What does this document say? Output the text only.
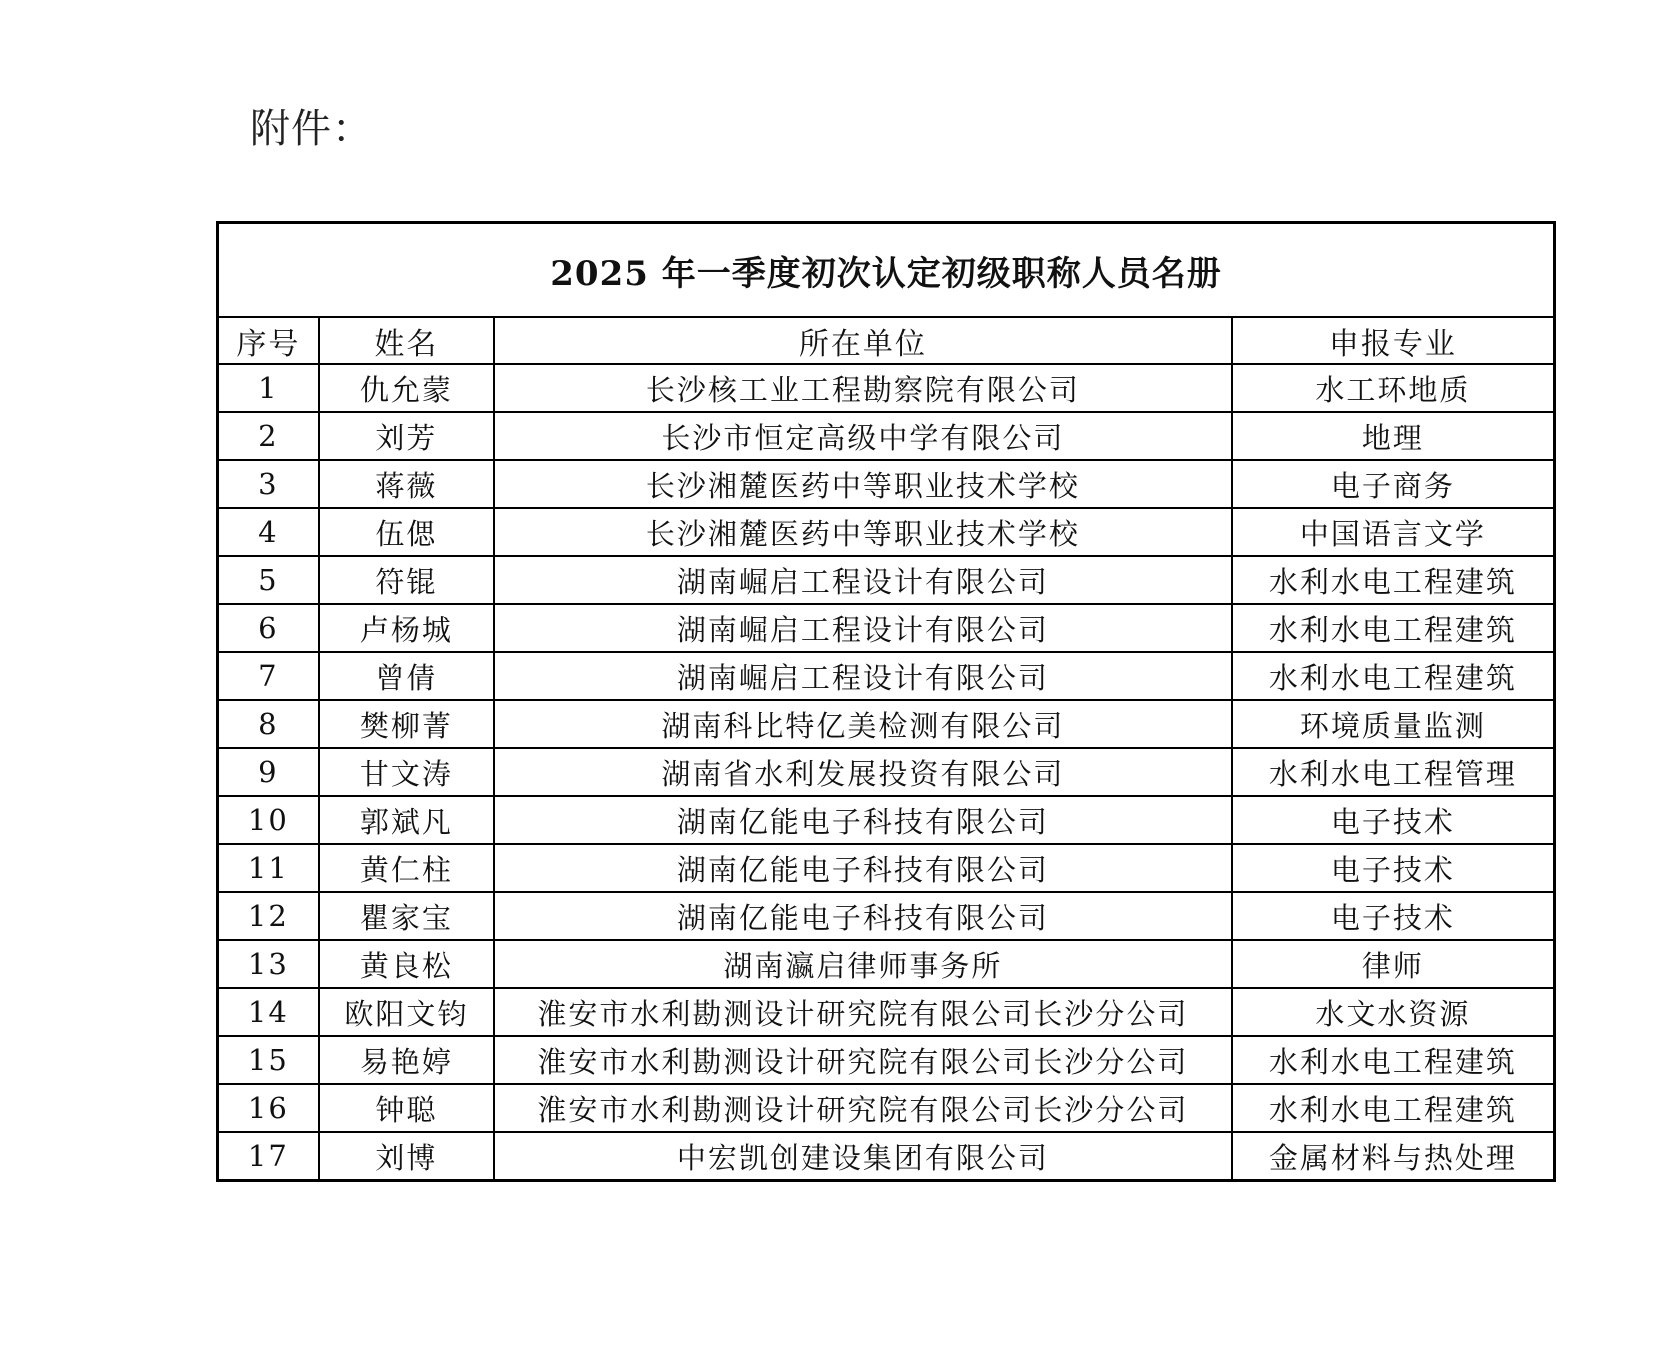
附件：
2025 年一季度初次认定初级职称人员名册			
序号	姓名	所在单位	申报专业
1	仇允蒙	长沙核工业工程勘察院有限公司	水工环地质
2	刘芳	长沙市恒定高级中学有限公司	地理
3	蒋薇	长沙湘麓医药中等职业技术学校	电子商务
4	伍偲	长沙湘麓医药中等职业技术学校	中国语言文学
5	符锟	湖南崛启工程设计有限公司	水利水电工程建筑
6	卢杨城	湖南崛启工程设计有限公司	水利水电工程建筑
7	曾倩	湖南崛启工程设计有限公司	水利水电工程建筑
8	樊柳菁	湖南科比特亿美检测有限公司	环境质量监测
9	甘文涛	湖南省水利发展投资有限公司	水利水电工程管理
10	郭斌凡	湖南亿能电子科技有限公司	电子技术
11	黄仁柱	湖南亿能电子科技有限公司	电子技术
12	瞿家宝	湖南亿能电子科技有限公司	电子技术
13	黄良松	湖南瀛启律师事务所	律师
14	欧阳文钧	淮安市水利勘测设计研究院有限公司长沙分公司	水文水资源
15	易艳婷	淮安市水利勘测设计研究院有限公司长沙分公司	水利水电工程建筑
16	钟聪	淮安市水利勘测设计研究院有限公司长沙分公司	水利水电工程建筑
17	刘博	中宏凯创建设集团有限公司	金属材料与热处理
